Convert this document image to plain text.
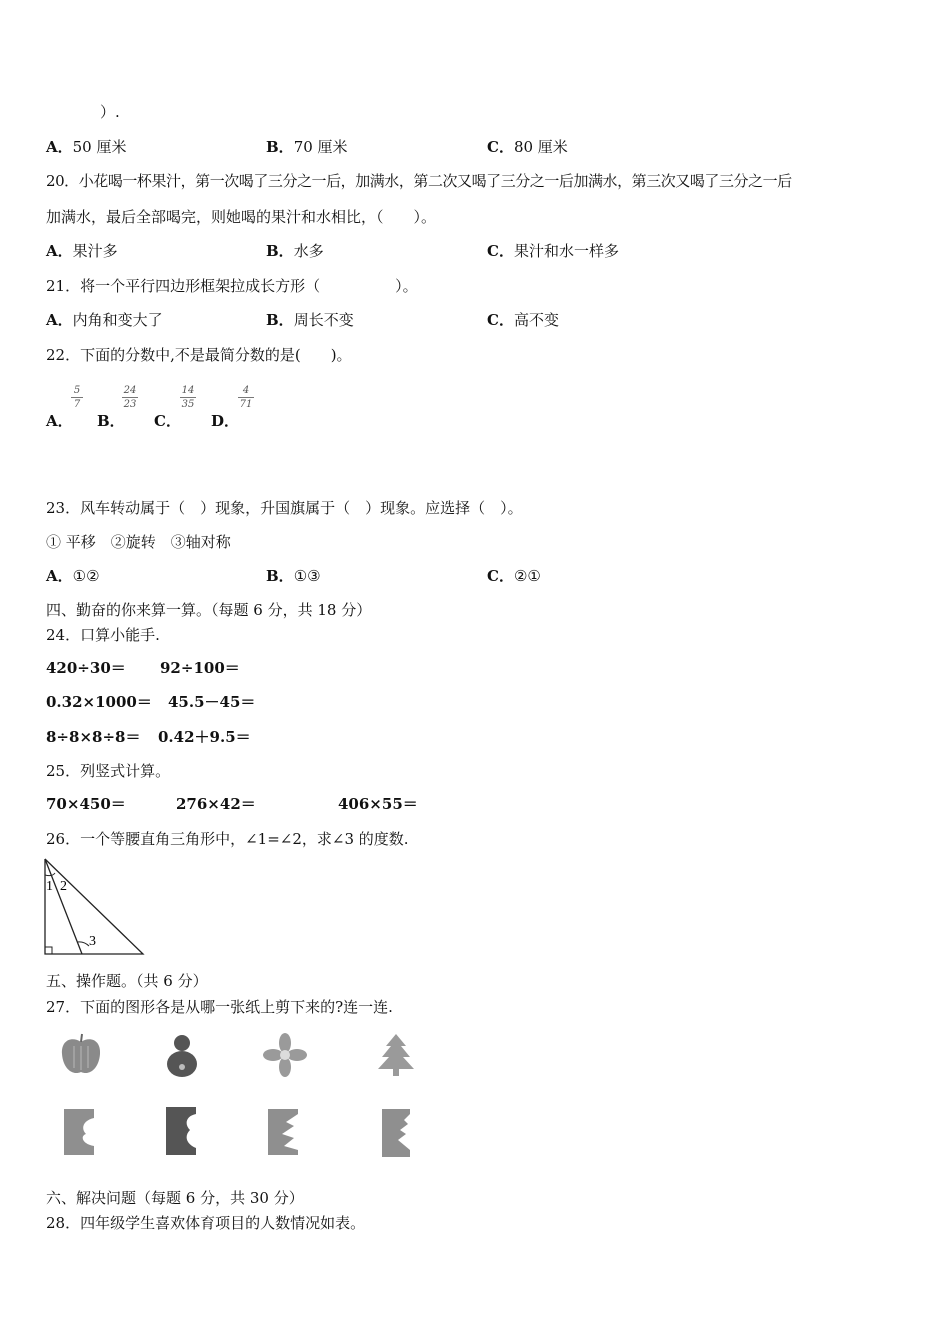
）.
A．50 厘米	B．70 厘米	C．80 厘米
20．小花喝一杯果汁，第一次喝了三分之一后，加满水，第二次又喝了三分之一后加满水，第三次又喝了三分之一后
加满水，最后全部喝完，则她喝的果汁和水相比，（　　）。
A．果汁多	B．水多	C．果汁和水一样多
21．将一个平行四边形框架拉成长方形（　　　　　）。
A．内角和变大了	B．周长不变	C．高不变
22．下面的分数中,不是最简分数的是(　　)。
A．
5
7
B．
24
23
C．
14
35
D．
4
71
23．风车转动属于（　）现象，升国旗属于（　）现象。应选择（　）。
① 平移　②旋转　③轴对称
A．①②	B．①③	C．②①
四、勤奋的你来算一算。（每题 6 分，共 18 分）
24．口算小能手.
420÷30＝ 92÷100＝
0.32×1000＝ 45.5－45＝
8÷8×8÷8＝ 0.42＋9.5＝
25．列竖式计算。
70×450＝	276×42＝	406×55＝
26．一个等腰直角三角形中，∠1=∠2，求∠3 的度数.
1 2
3
五、操作题。（共 6 分）
27．下面的图形各是从哪一张纸上剪下来的?连一连.
六、解决问题（每题 6 分，共 30 分）
28．四年级学生喜欢体育项目的人数情况如表。
